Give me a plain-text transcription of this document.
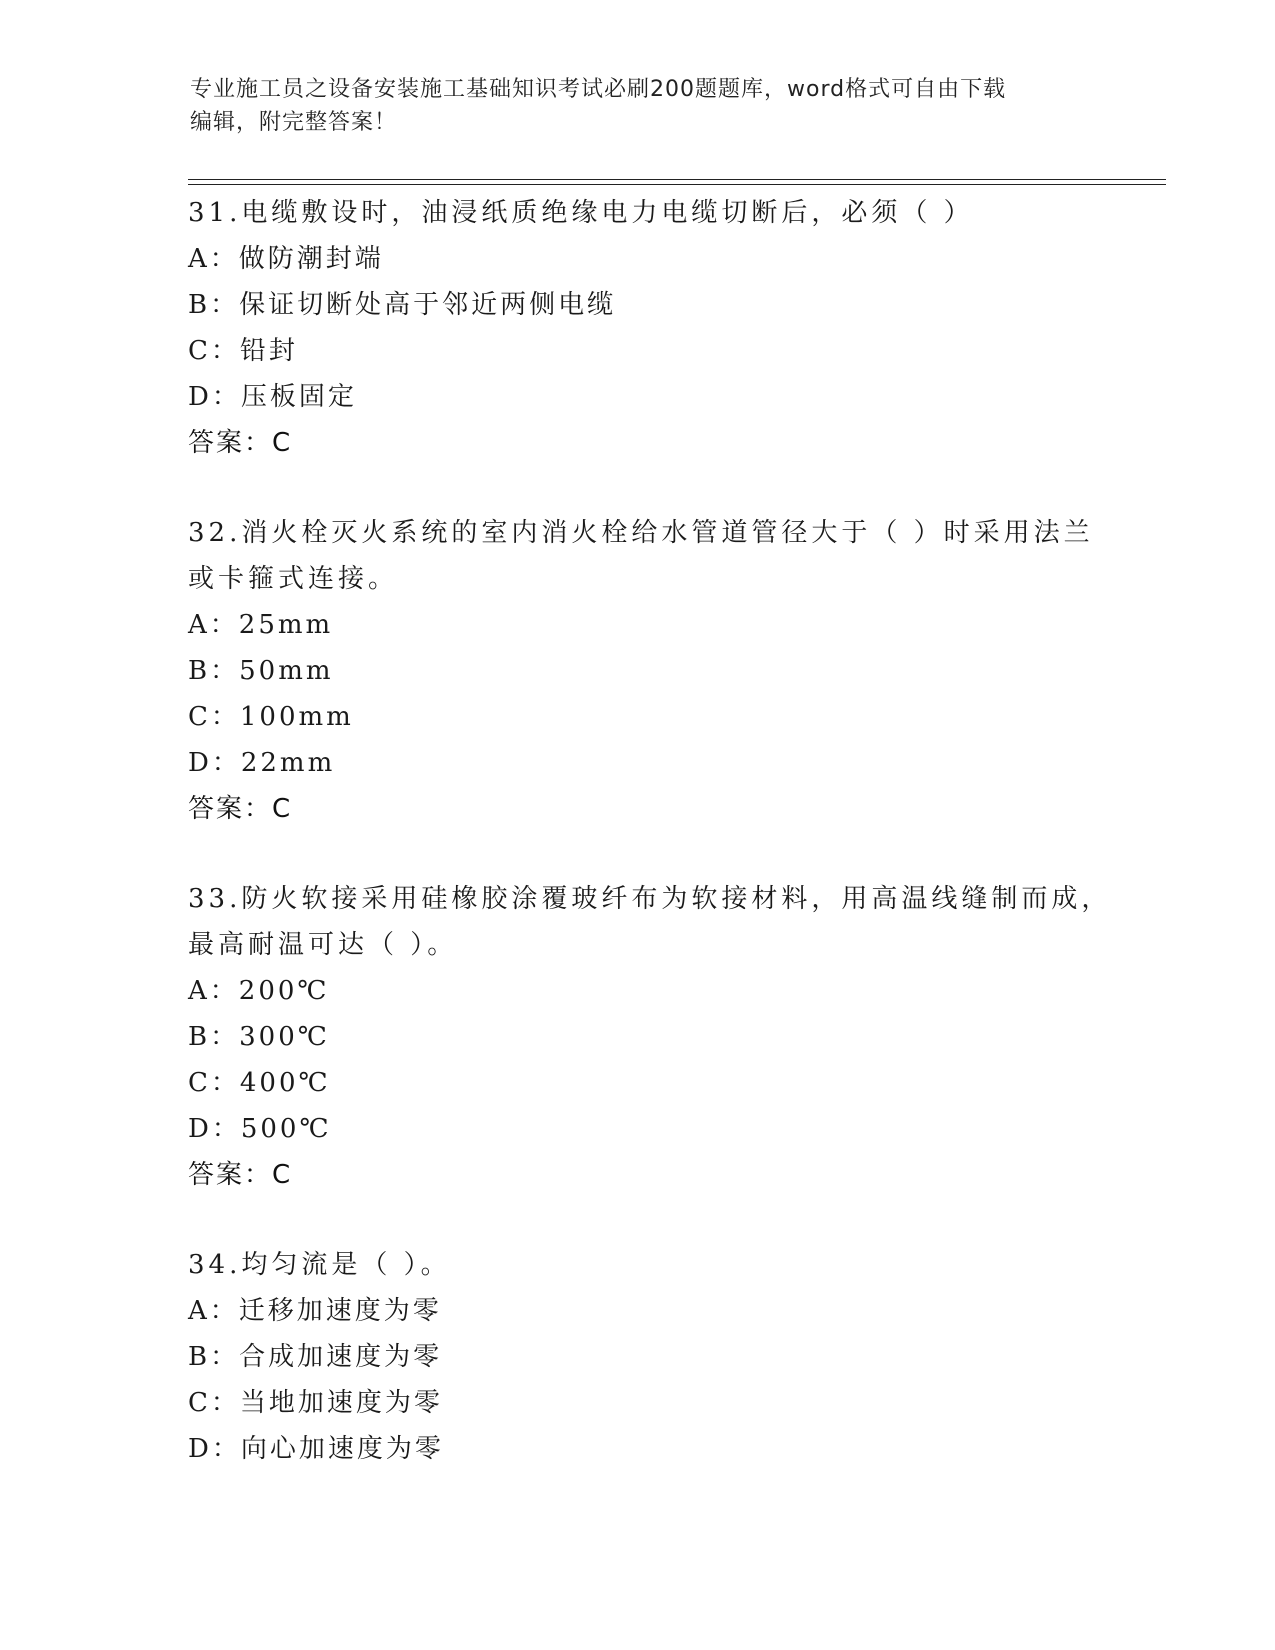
专业施工员之设备安装施工基础知识考试必刷200题题库，word格式可自由下载
编辑，附完整答案！
31.电缆敷设时，油浸纸质绝缘电力电缆切断后，必须（ ）
A：做防潮封端
B：保证切断处高于邻近两侧电缆
C：铅封
D：压板固定
答案：C
32.消火栓灭火系统的室内消火栓给水管道管径大于（ ）时采用法兰
或卡箍式连接。
A：25mm
B：50mm
C：100mm
D：22mm
答案：C
33.防火软接采用硅橡胶涂覆玻纤布为软接材料，用高温线缝制而成，
最高耐温可达（ ）。
A：200℃
B：300℃
C：400℃
D：500℃
答案：C
34.均匀流是（ ）。
A：迁移加速度为零
B：合成加速度为零
C：当地加速度为零
D：向心加速度为零
